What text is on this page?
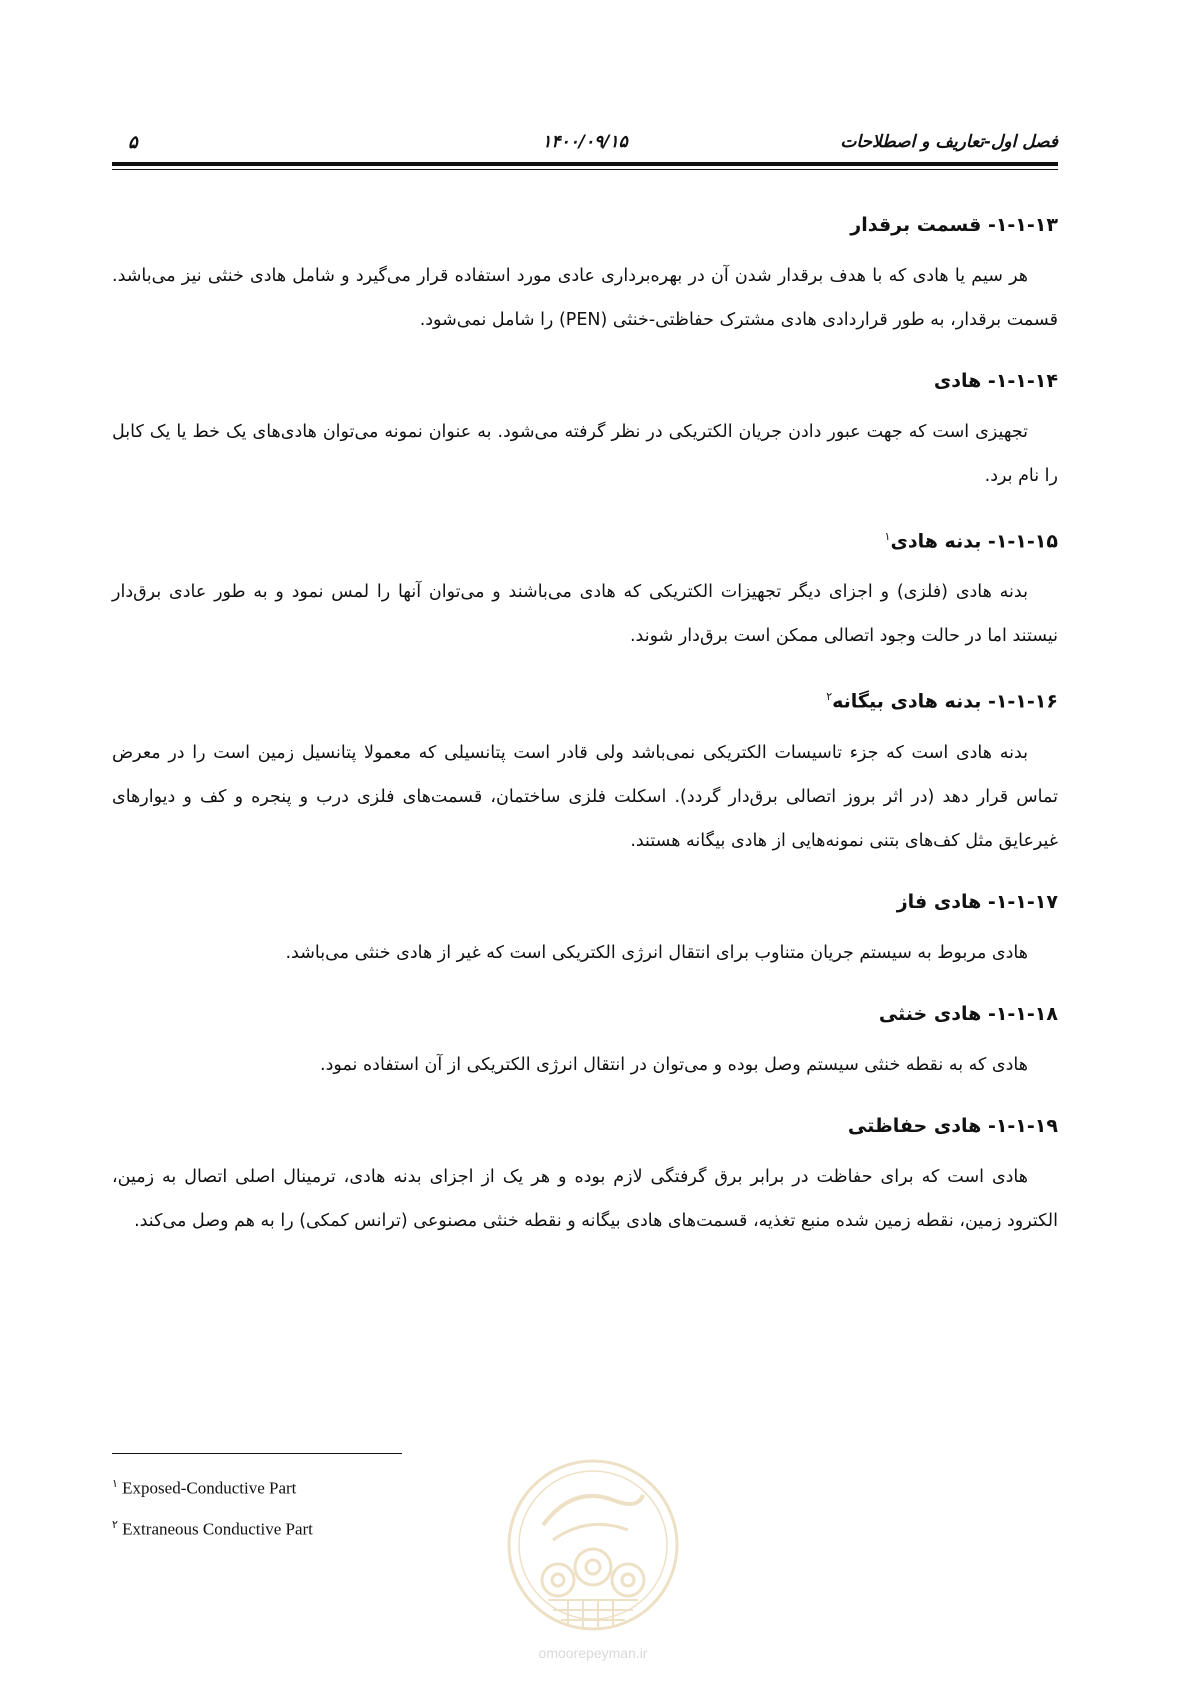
فصل اول-تعاریف و اصطلاحات
۱۴۰۰/۰۹/۱۵
۵
۱-۱-۱۳- قسمت برقدار

هر سیم یا هادی که با هدف برقدار شدن آن در بهره‌برداری عادی مورد استفاده قرار می‌گیرد و شامل هادی خنثی نیز می‌باشد. قسمت برقدار، به طور قراردادی هادی مشترک حفاظتی-خنثی (PEN) را شامل نمی‌شود.

۱-۱-۱۴- هادی

تجهیزی است که جهت عبور دادن جریان الکتریکی در نظر گرفته می‌شود. به عنوان نمونه می‌توان هادی‌های یک خط یا یک کابل را نام برد.

۱-۱-۱۵- بدنه هادی$^۱$

بدنه هادی (فلزی) و اجزای دیگر تجهیزات الکتریکی که هادی می‌باشند و می‌توان آنها را لمس نمود و به طور عادی برق‌دار نیستند اما در حالت وجود اتصالی ممکن است برق‌دار شوند.

۱-۱-۱۶- بدنه هادی بیگانه$^۲$

بدنه هادی است که جزء تاسیسات الکتریکی نمی‌باشد ولی قادر است پتانسیلی که معمولا پتانسیل زمین است را در معرض تماس قرار دهد (در اثر بروز اتصالی برق‌دار گردد). اسکلت فلزی ساختمان، قسمت‌های فلزی درب و پنجره و کف و دیوارهای غیرعایق مثل کف‌های بتنی نمونه‌هایی از هادی بیگانه هستند.

۱-۱-۱۷- هادی فاز

هادی مربوط به سیستم جریان متناوب برای انتقال انرژی الکتریکی است که غیر از هادی خنثی می‌باشد.

۱-۱-۱۸- هادی خنثی

هادی که به نقطه خنثی سیستم وصل بوده و می‌توان در انتقال انرژی الکتریکی از آن استفاده نمود.

۱-۱-۱۹- هادی حفاظتی

هادی است که برای حفاظت در برابر برق گرفتگی لازم بوده و هر یک از اجزای بدنه هادی، ترمینال اصلی اتصال به زمین، الکترود زمین، نقطه زمین شده منبع تغذیه، قسمت‌های هادی بیگانه و نقطه خنثی مصنوعی (ترانس کمکی) را به هم وصل می‌کند.

$^۱$ Exposed-Conductive Part
$^۲$ Extraneous Conductive Part
omoorepeyman.ir
